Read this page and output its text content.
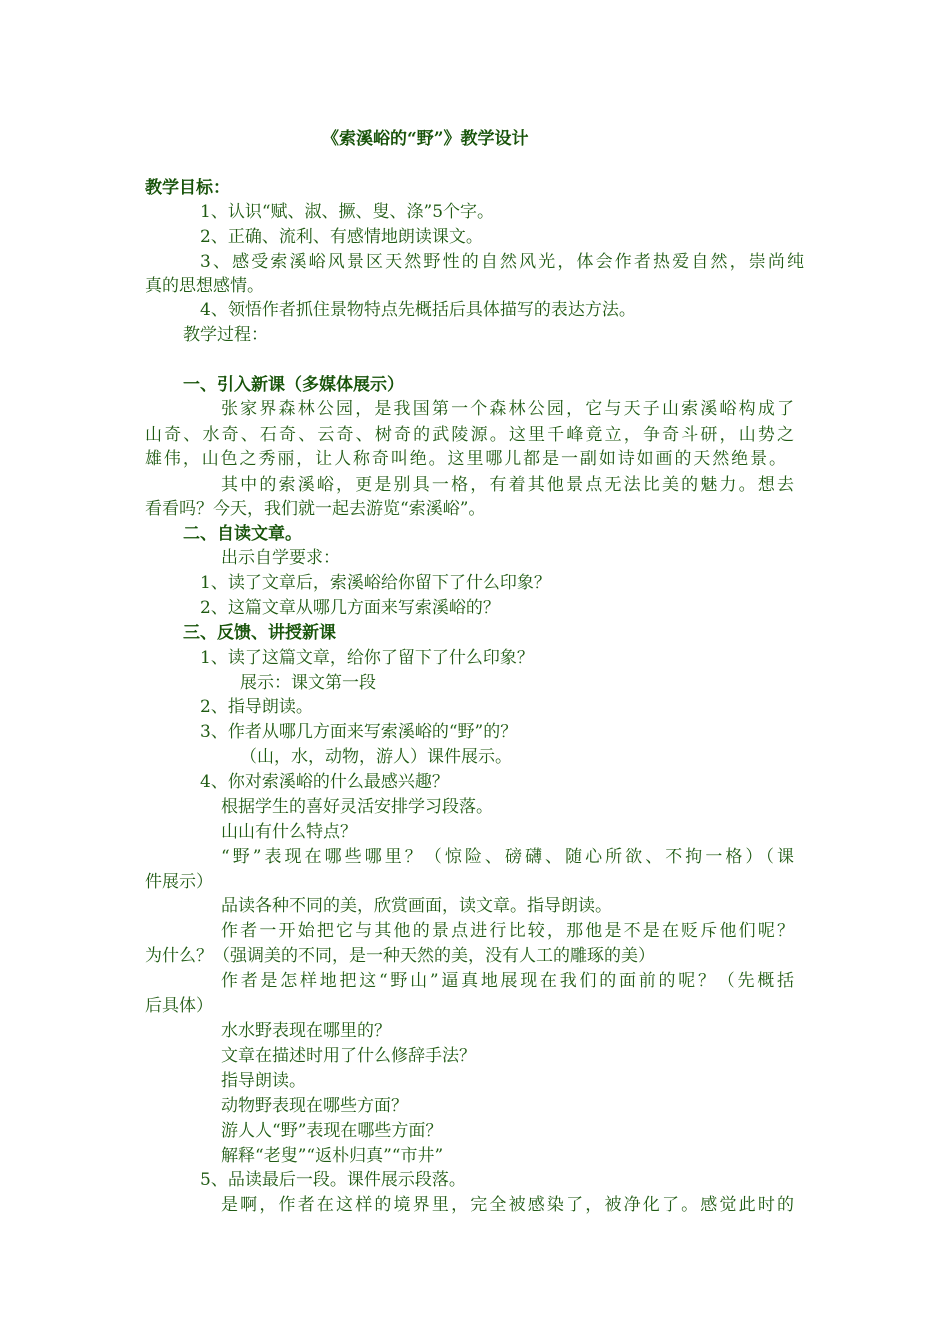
《索溪峪的“野”》教学设计

教学目标：

1、认识“赋、淑、撅、叟、涤”5个字。

2、正确、流利、有感情地朗读课文。

3、感受索溪峪风景区天然野性的自然风光，体会作者热爱自然，崇尚纯

真的思想感情。

4、领悟作者抓住景物特点先概括后具体描写的表达方法。

教学过程：

一、引入新课（多媒体展示）

张家界森林公园，是我国第一个森林公园，它与天子山索溪峪构成了

山奇、水奇、石奇、云奇、树奇的武陵源。这里千峰竟立，争奇斗研，山势之

雄伟，山色之秀丽，让人称奇叫绝。这里哪儿都是一副如诗如画的天然绝景。

其中的索溪峪，更是别具一格，有着其他景点无法比美的魅力。想去

看看吗？今天，我们就一起去游览“索溪峪”。

二、自读文章。

出示自学要求：

1、读了文章后，索溪峪给你留下了什么印象？

2、这篇文章从哪几方面来写索溪峪的？

三、反馈、讲授新课

1、读了这篇文章，给你了留下了什么印象？

展示：课文第一段

2、指导朗读。

3、作者从哪几方面来写索溪峪的“野”的？

（山，水，动物，游人）课件展示。

4、你对索溪峪的什么最感兴趣？

根据学生的喜好灵活安排学习段落。

山山有什么特点？

“野”表现在哪些哪里？（惊险、磅礴、随心所欲、不拘一格）（课

件展示）

品读各种不同的美，欣赏画面，读文章。指导朗读。

作者一开始把它与其他的景点进行比较，那他是不是在贬斥他们呢？

为什么？（强调美的不同，是一种天然的美，没有人工的雕琢的美）

作者是怎样地把这“野山”逼真地展现在我们的面前的呢？（先概括

后具体）

水水野表现在哪里的？

文章在描述时用了什么修辞手法？

指导朗读。

动物野表现在哪些方面？

游人人“野”表现在哪些方面？

解释“老叟”“返朴归真”“市井”

5、品读最后一段。课件展示段落。

是啊，作者在这样的境界里，完全被感染了，被净化了。感觉此时的
